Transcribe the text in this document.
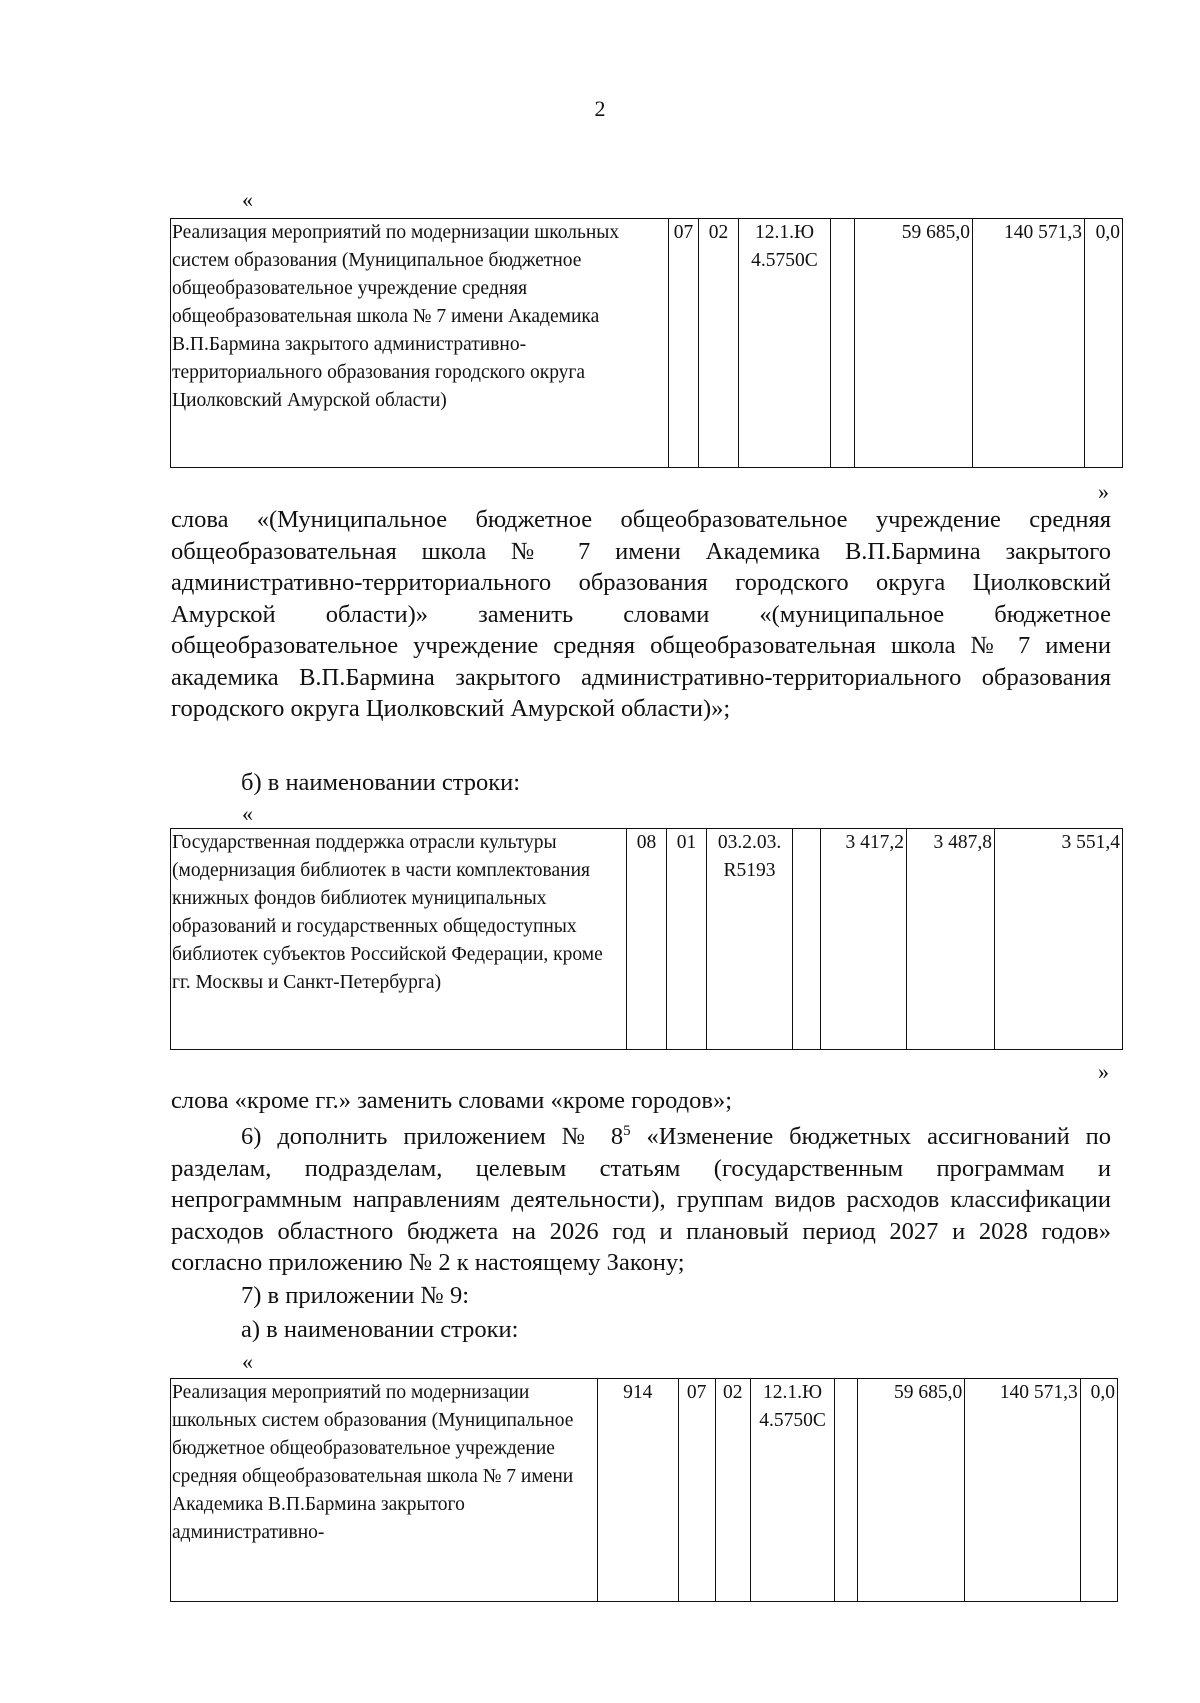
2
«
Реализация мероприятий по модернизации школьных систем образования (Муниципальное бюджетное общеобразовательное учреждение средняя общеобразовательная школа № 7 имени Академика В.П.Бармина закрытого административно-территориального образования городского округа Циолковский Амурской области)	07	02	12.1.Ю 4.5750С		59 685,0	140 571,3	0,0
»

слова «(Муниципальное бюджетное общеобразовательное учреждение средняя общеобразовательная школа № 7 имени Академика В.П.Бармина закрытого административно-территориального образования городского округа Циолковский Амурской области)» заменить словами «(муниципальное бюджетное общеобразовательное учреждение средняя общеобразовательная школа № 7 имени академика В.П.Бармина закрытого административно-территориального образования городского округа Циолковский Амурской области)»;

б) в наименовании строки:

«
Государственная поддержка отрасли культуры (модернизация библиотек в части комплектования книжных фондов библиотек муниципальных образований и государственных общедоступных библиотек субъектов Российской Федерации, кроме гг. Москвы и Санкт-Петербурга)	08	01	03.2.03. R5193		3 417,2	3 487,8	3 551,4
»

слова «кроме гг.» заменить словами «кроме городов»;

6) дополнить приложением № $8^5$ «Изменение бюджетных ассигнований по разделам, подразделам, целевым статьям (государственным программам и непрограммным направлениям деятельности), группам видов расходов классификации расходов областного бюджета на 2026 год и плановый период 2027 и 2028 годов» согласно приложению № 2 к настоящему Закону;

7) в приложении № 9:

а) в наименовании строки:

«
Реализация мероприятий по модернизации школьных систем образования (Муниципальное бюджетное общеобразовательное учреждение средняя общеобразовательная школа № 7 имени Академика В.П.Бармина закрытого административно-	914	07	02	12.1.Ю 4.5750С		59 685,0	140 571,3	0,0
